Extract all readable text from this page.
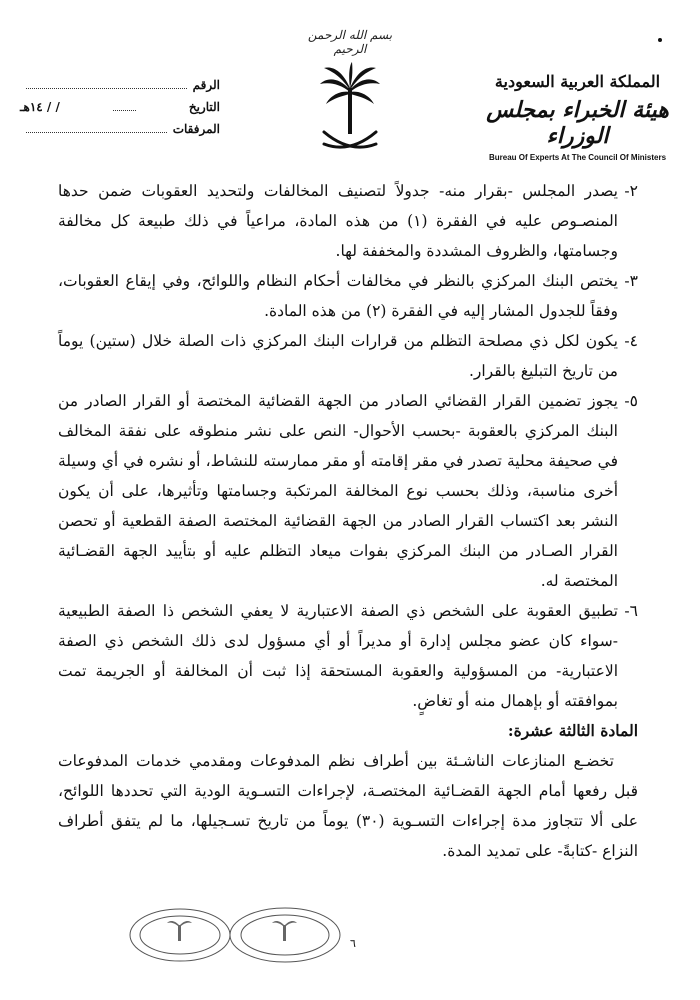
بسم الله الرحمن الرحيم
الرقم
التاريخ
/ / ١٤هـ
المرفقات
المملكة العربية السعودية
هيئة الخبراء بمجلس الوزراء
Bureau Of Experts At The Council Of Ministers
٢-
يصدر المجلس -بقرار منه- جدولاً لتصنيف المخالفات ولتحديد العقوبات ضمن حدها المنصـوص عليه في الفقرة (١) من هذه المادة، مراعياً في ذلك طبيعة كل مخالفة وجسامتها، والظروف المشددة والمخففة لها.
٣-
يختص البنك المركزي بالنظر في مخالفات أحكام النظام واللوائح، وفي إيقاع العقوبات، وفقاً للجدول المشار إليه في الفقرة (٢) من هذه المادة.
٤-
يكون لكل ذي مصلحة التظلم من قرارات البنك المركزي ذات الصلة خلال (ستين) يوماً من تاريخ التبليغ بالقرار.
٥-
يجوز تضمين القرار القضائي الصادر من الجهة القضائية المختصة أو القرار الصادر من البنك المركزي بالعقوبة -بحسب الأحوال- النص على نشر منطوقه على نفقة المخالف في صحيفة محلية تصدر في مقر إقامته أو مقر ممارسته للنشاط، أو نشره في أي وسيلة أخرى مناسبة، وذلك بحسب نوع المخالفة المرتكبة وجسامتها وتأثيرها، على أن يكون النشر بعد اكتساب القرار الصادر من الجهة القضائية المختصة الصفة القطعية أو تحصن القرار الصـادر من البنك المركزي بفوات ميعاد التظلم عليه أو بتأييد الجهة القضـائية المختصة له.
٦-
تطبيق العقوبة على الشخص ذي الصفة الاعتبارية لا يعفي الشخص ذا الصفة الطبيعية -سواء كان عضو مجلس إدارة أو مديراً أو أي مسؤول لدى ذلك الشخص ذي الصفة الاعتبارية- من المسؤولية والعقوبة المستحقة إذا ثبت أن المخالفة أو الجريمة تمت بموافقته أو بإهمال منه أو تغاضٍ.
المادة الثالثة عشرة:
تخضـع المنازعات الناشـئة بين أطراف نظم المدفوعات ومقدمي خدمات المدفوعات قبل رفعها أمام الجهة القضـائية المختصـة، لإجراءات التسـوية الودية التي تحددها اللوائح، على ألا تتجاوز مدة إجراءات التسـوية (٣٠) يوماً من تاريخ تسـجيلها، ما لم يتفق أطراف النزاع -كتابةً- على تمديد المدة.
٦
